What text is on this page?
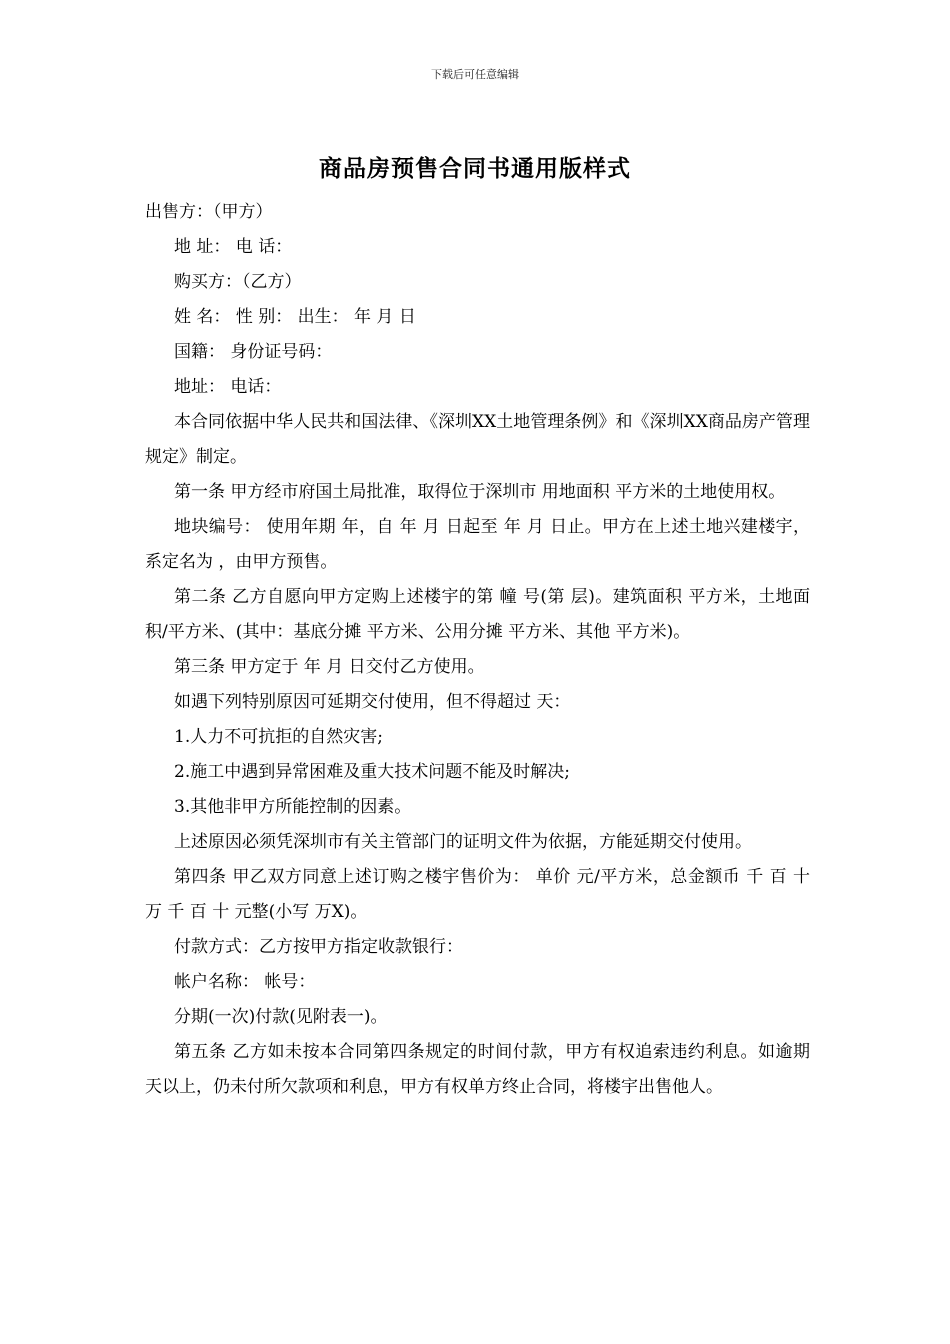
下载后可任意编辑
商品房预售合同书通用版样式

出售方：（甲方）

地 址： 电 话：

购买方：（乙方）

姓 名： 性 别： 出生： 年 月 日

国籍： 身份证号码：

地址： 电话：

本合同依据中华人民共和国法律、《深圳XX土地管理条例》和《深圳XX商品房产管理规定》制定。

第一条 甲方经市府国土局批准，取得位于深圳市 用地面积 平方米的土地使用权。

地块编号： 使用年期 年，自 年 月 日起至 年 月 日止。甲方在上述土地兴建楼宇，系定名为 ，由甲方预售。

第二条 乙方自愿向甲方定购上述楼宇的第 幢 号(第 层)。建筑面积 平方米，土地面积/平方米、(其中：基底分摊 平方米、公用分摊 平方米、其他 平方米)。

第三条 甲方定于 年 月 日交付乙方使用。

如遇下列特别原因可延期交付使用，但不得超过 天：

1.人力不可抗拒的自然灾害;

2.施工中遇到异常困难及重大技术问题不能及时解决;

3.其他非甲方所能控制的因素。

上述原因必须凭深圳市有关主管部门的证明文件为依据，方能延期交付使用。

第四条 甲乙双方同意上述订购之楼宇售价为： 单价 元/平方米，总金额币 千 百 十 万 千 百 十 元整(小写 万X)。

付款方式：乙方按甲方指定收款银行：

帐户名称： 帐号：

分期(一次)付款(见附表一)。

第五条 乙方如未按本合同第四条规定的时间付款，甲方有权追索违约利息。如逾期 天以上，仍未付所欠款项和利息，甲方有权单方终止合同，将楼宇出售他人。
